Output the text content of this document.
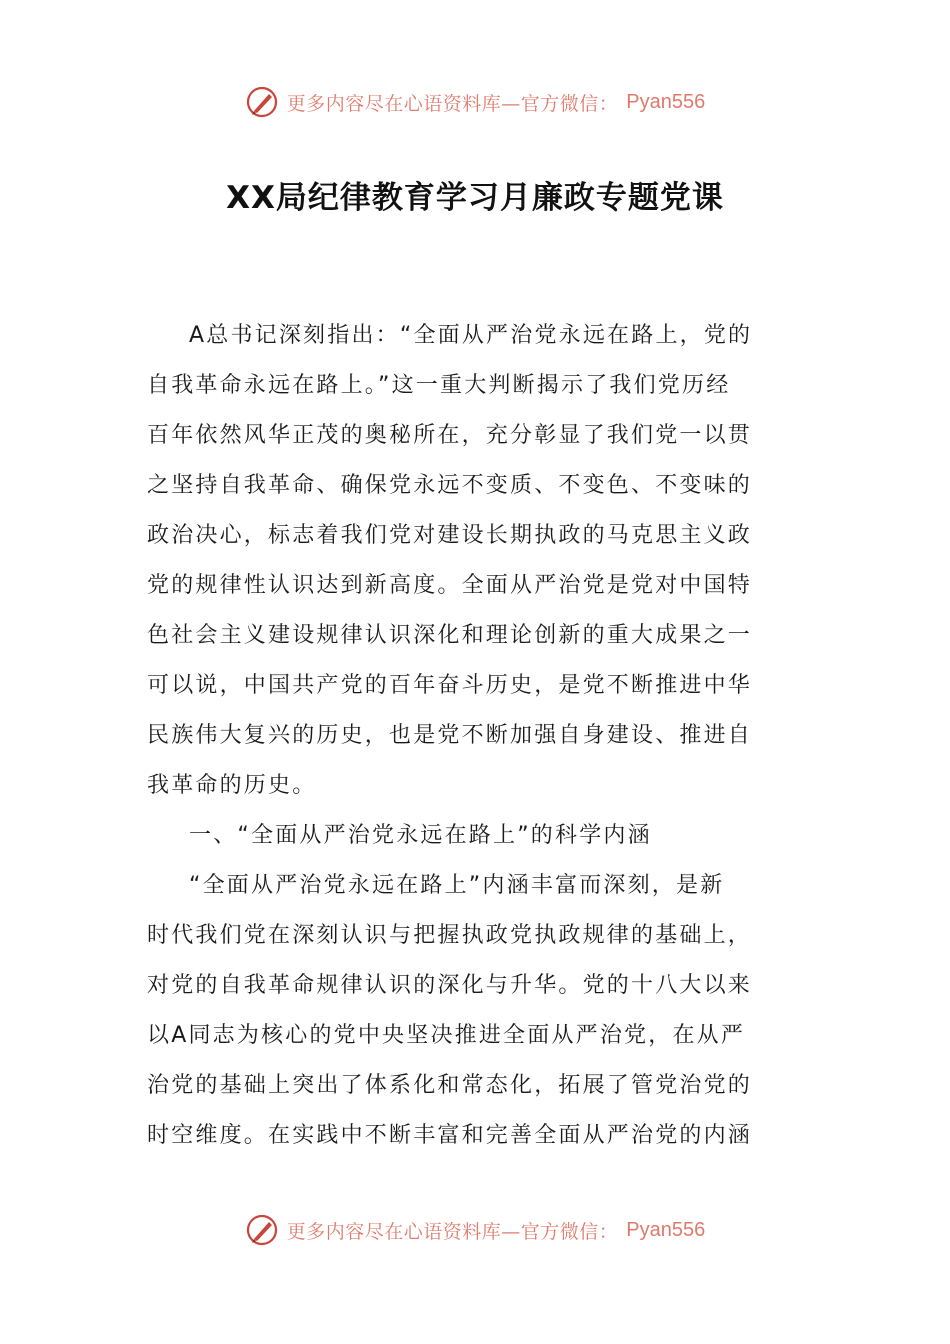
更多内容尽在心语资料库—官方微信： Pyan556
XX局纪律教育学习月廉政专题党课
A总书记深刻指出：“全面从严治党永远在路上，党的
自我革命永远在路上。”这一重大判断揭示了我们党历经
百年依然风华正茂的奥秘所在，充分彰显了我们党一以贯
之坚持自我革命、确保党永远不变质、不变色、不变味的
政治决心，标志着我们党对建设长期执政的马克思主义政
党的规律性认识达到新高度。全面从严治党是党对中国特
色社会主义建设规律认识深化和理论创新的重大成果之一
可以说，中国共产党的百年奋斗历史，是党不断推进中华
民族伟大复兴的历史，也是党不断加强自身建设、推进自
我革命的历史。
一、“全面从严治党永远在路上”的科学内涵
“全面从严治党永远在路上”内涵丰富而深刻，是新
时代我们党在深刻认识与把握执政党执政规律的基础上，
对党的自我革命规律认识的深化与升华。党的十八大以来
以A同志为核心的党中央坚决推进全面从严治党，在从严
治党的基础上突出了体系化和常态化，拓展了管党治党的
时空维度。在实践中不断丰富和完善全面从严治党的内涵
更多内容尽在心语资料库—官方微信： Pyan556
